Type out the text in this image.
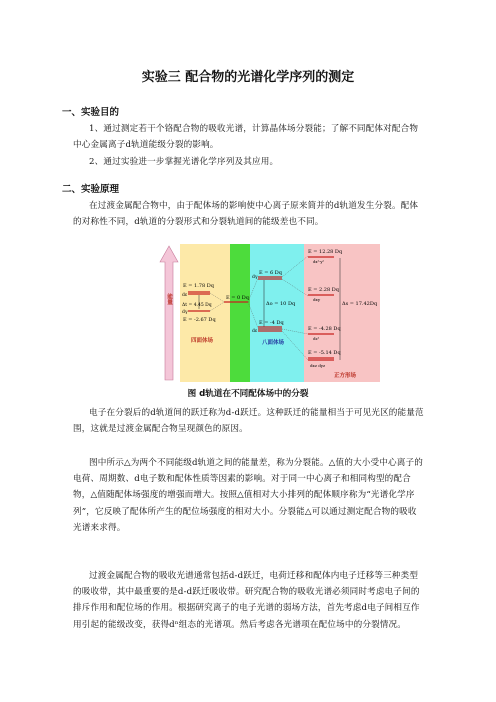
实验三 配合物的光谱化学序列的测定
一、实验目的
1、通过测定若干个铬配合物的吸收光谱，计算晶体场分裂能；了解不同配体对配合物中心金属离子d轨道能级分裂的影响。
2、通过实验进一步掌握光谱化学序列及其应用。
二、实验原理
在过渡金属配合物中，由于配体场的影响使中心离子原来简并的d轨道发生分裂。配体的对称性不同，d轨道的分裂形式和分裂轨道间的能级差也不同。
能量
E = 1.78 Dq
dε
Δt = 4.45 Dq
dγ
E = -2.67 Dq
四面体场
E = 0 Dq
dγ
E = 6 Dq
Δo = 10 Dq
E = -4 Dq
dε
八面体场
E = 12.28 Dq
dx²-y²
E = 2.28 Dq
dxy
Δs = 17.42Dq
E = -4.28 Dq
dz²
E = -5.14 Dq
dxz dyz
正方形场
图 d轨道在不同配体场中的分裂
电子在分裂后的d轨道间的跃迁称为d-d跃迁。这种跃迁的能量相当于可见光区的能量范围，这就是过渡金属配合物呈现颜色的原因。
图中所示△为两个不同能级d轨道之间的能量差，称为分裂能。△值的大小受中心离子的电荷、周期数、d电子数和配体性质等因素的影响。对于同一中心离子和相同构型的配合物，△值随配体场强度的增强而增大。按照△值相对大小排列的配体顺序称为“光谱化学序列”，它反映了配体所产生的配位场强度的相对大小。分裂能△可以通过测定配合物的吸收光谱来求得。
过渡金属配合物的吸收光谱通常包括d-d跃迁，电荷迁移和配体内电子迁移等三种类型的吸收带，其中最重要的是d-d跃迁吸收带。研究配合物的吸收光谱必须同时考虑电子间的排斥作用和配位场的作用。根据研究离子的电子光谱的弱场方法，首先考虑d电子间相互作用引起的能级改变，获得dⁿ组态的光谱项。然后考虑各光谱项在配位场中的分裂情况。
